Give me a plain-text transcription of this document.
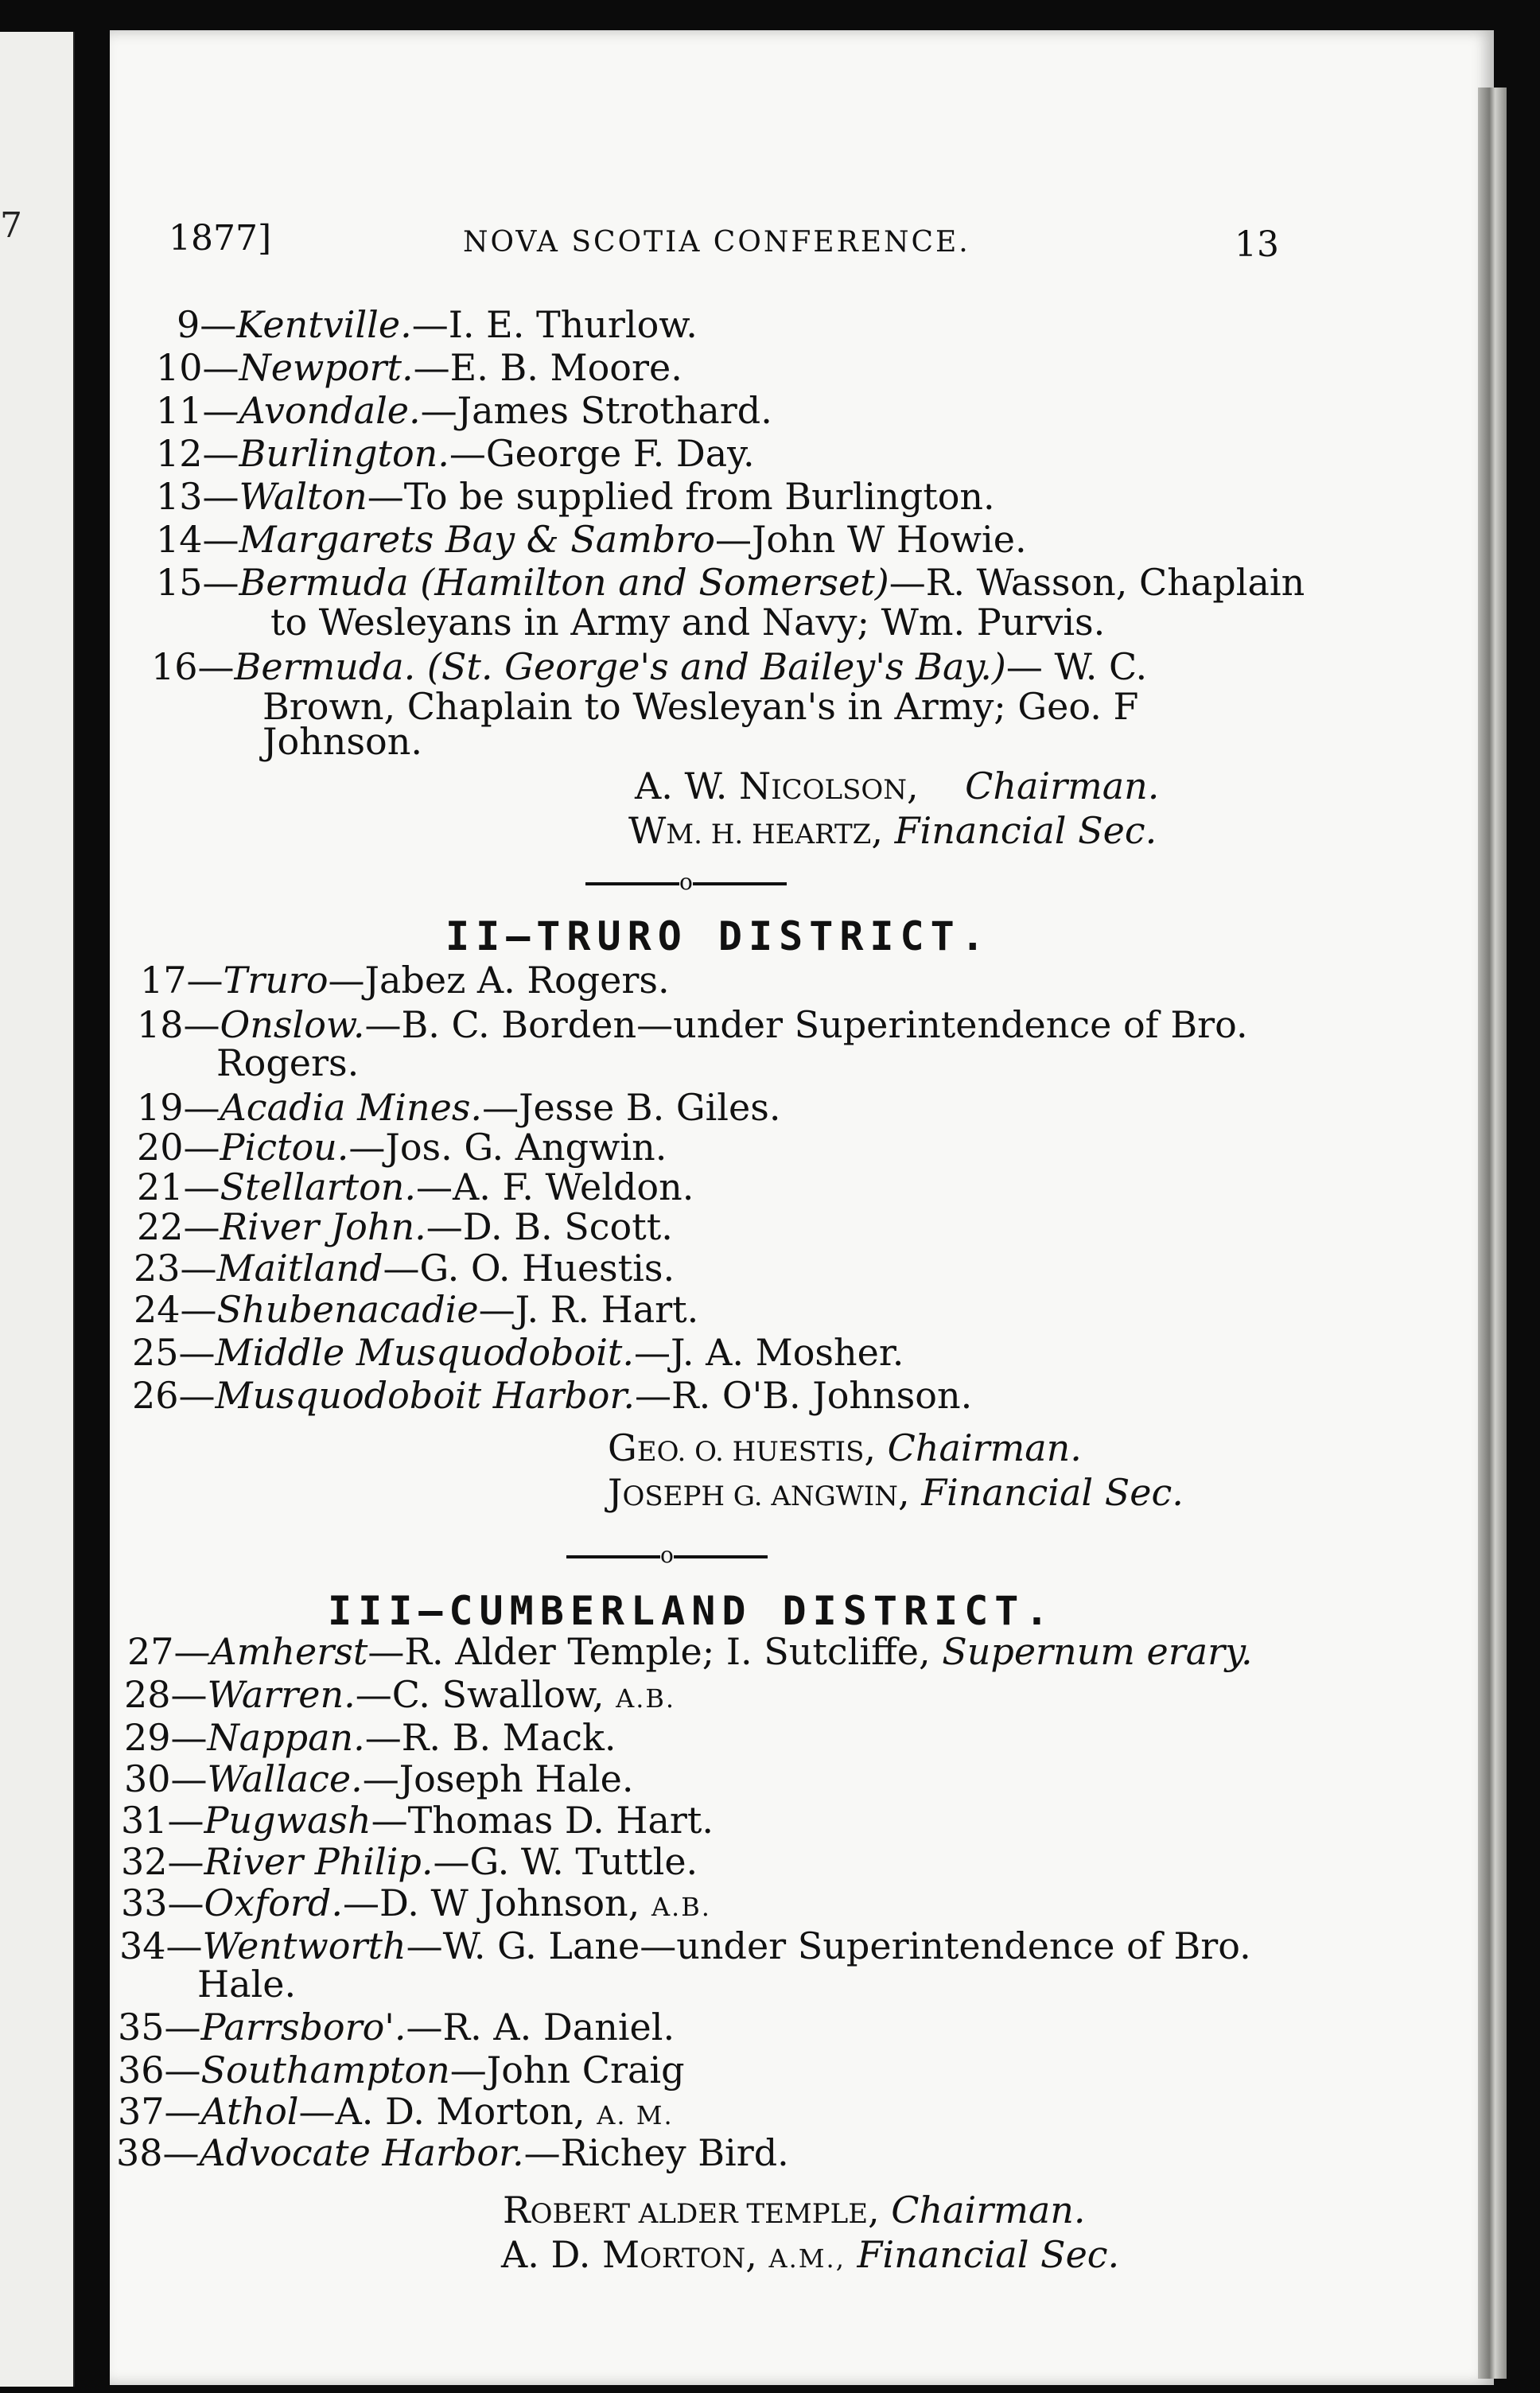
7	1877]	NOVA SCOTIA CONFERENCE.	13
9—Kentville.—I. E. Thurlow.
10—Newport.—E. B. Moore.
11—Avondale.—James Strothard.
12—Burlington.—George F. Day.
13—Walton—To be supplied from Burlington.
14—Margarets Bay & Sambro—John W Howie.
15—Bermuda (Hamilton and Somerset)—R. Wasson, Chaplain
to Wesleyans in Army and Navy; Wm. Purvis.
16—Bermuda. (St. George's and Bailey's Bay.)— W. C.
Brown, Chaplain to Wesleyan's in Army; Geo. F
Johnson.
A. W. NICOLSON, Chairman.
WM. H. HEARTZ, Financial Sec.
o
II—TRURO DISTRICT.
17—Truro—Jabez A. Rogers.
18—Onslow.—B. C. Borden—under Superintendence of Bro.
Rogers.
19—Acadia Mines.—Jesse B. Giles.
20—Pictou.—Jos. G. Angwin.
21—Stellarton.—A. F. Weldon.
22—River John.—D. B. Scott.
23—Maitland—G. O. Huestis.
24—Shubenacadie—J. R. Hart.
25—Middle Musquodoboit.—J. A. Mosher.
26—Musquodoboit Harbor.—R. O'B. Johnson.
GEO. O. HUESTIS, Chairman.
JOSEPH G. ANGWIN, Financial Sec.
o
III—CUMBERLAND DISTRICT.
27—Amherst—R. Alder Temple; I. Sutcliffe, Supernum erary.
28—Warren.—C. Swallow, A.B.
29—Nappan.—R. B. Mack.
30—Wallace.—Joseph Hale.
31—Pugwash—Thomas D. Hart.
32—River Philip.—G. W. Tuttle.
33—Oxford.—D. W Johnson, A.B.
34—Wentworth—W. G. Lane—under Superintendence of Bro.
Hale.
35—Parrsboro'.—R. A. Daniel.
36—Southampton—John Craig
37—Athol—A. D. Morton, A. M.
38—Advocate Harbor.—Richey Bird.
ROBERT ALDER TEMPLE, Chairman.
A. D. MORTON, A.M., Financial Sec.
